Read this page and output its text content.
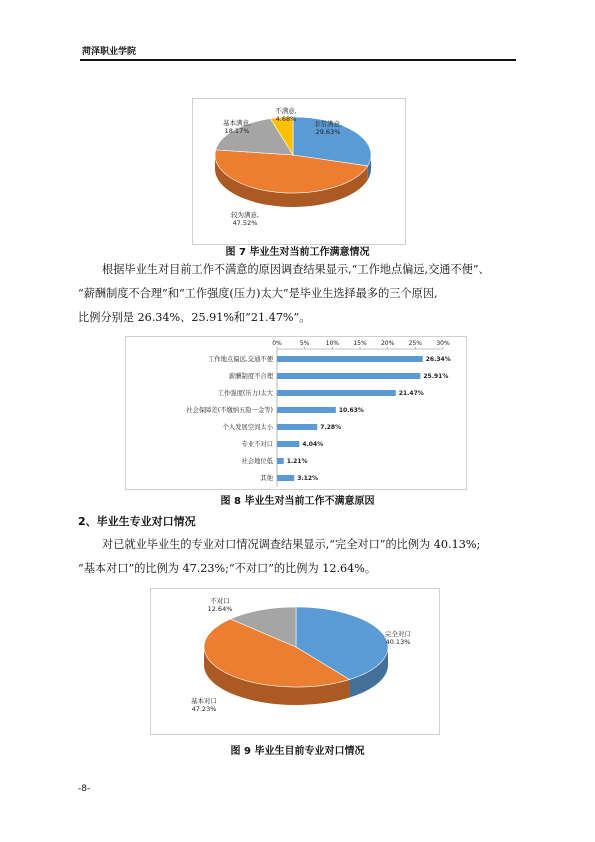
菏泽职业学院
非常满意,
29.63%
较为满意,
47.52%
基本满意,
18.17%
不满意,
4.68%
图 7 毕业生对当前工作满意情况
根据毕业生对目前工作不满意的原因调查结果显示,“工作地点偏远,交通不便”、
“薪酬制度不合理”和“工作强度(压力)太大”是毕业生选择最多的三个原因,
比例分别是 26.34%、25.91%和“21.47%”。
0%	5%	10% 15% 20% 25% 30%
工作地点偏远,交通不便	26.34%
薪酬制度不合理	25.91%
工作强度(压力)太大	21.47%
社会保障差(不缴纳五险一金等)	10.63%
个人发展空间太小	7.28%
专业不对口	4.04%
社会地位低 1.21%
其他	3.12%
图 8 毕业生对当前工作不满意原因
2、毕业生专业对口情况
对已就业毕业生的专业对口情况调查结果显示,“完全对口”的比例为 40.13%;
“基本对口”的比例为 47.23%;“不对口”的比例为 12.64%。
完全对口
40.13%
基本对口
47.23%
不对口
12.64%
图 9 毕业生目前专业对口情况
-8-
